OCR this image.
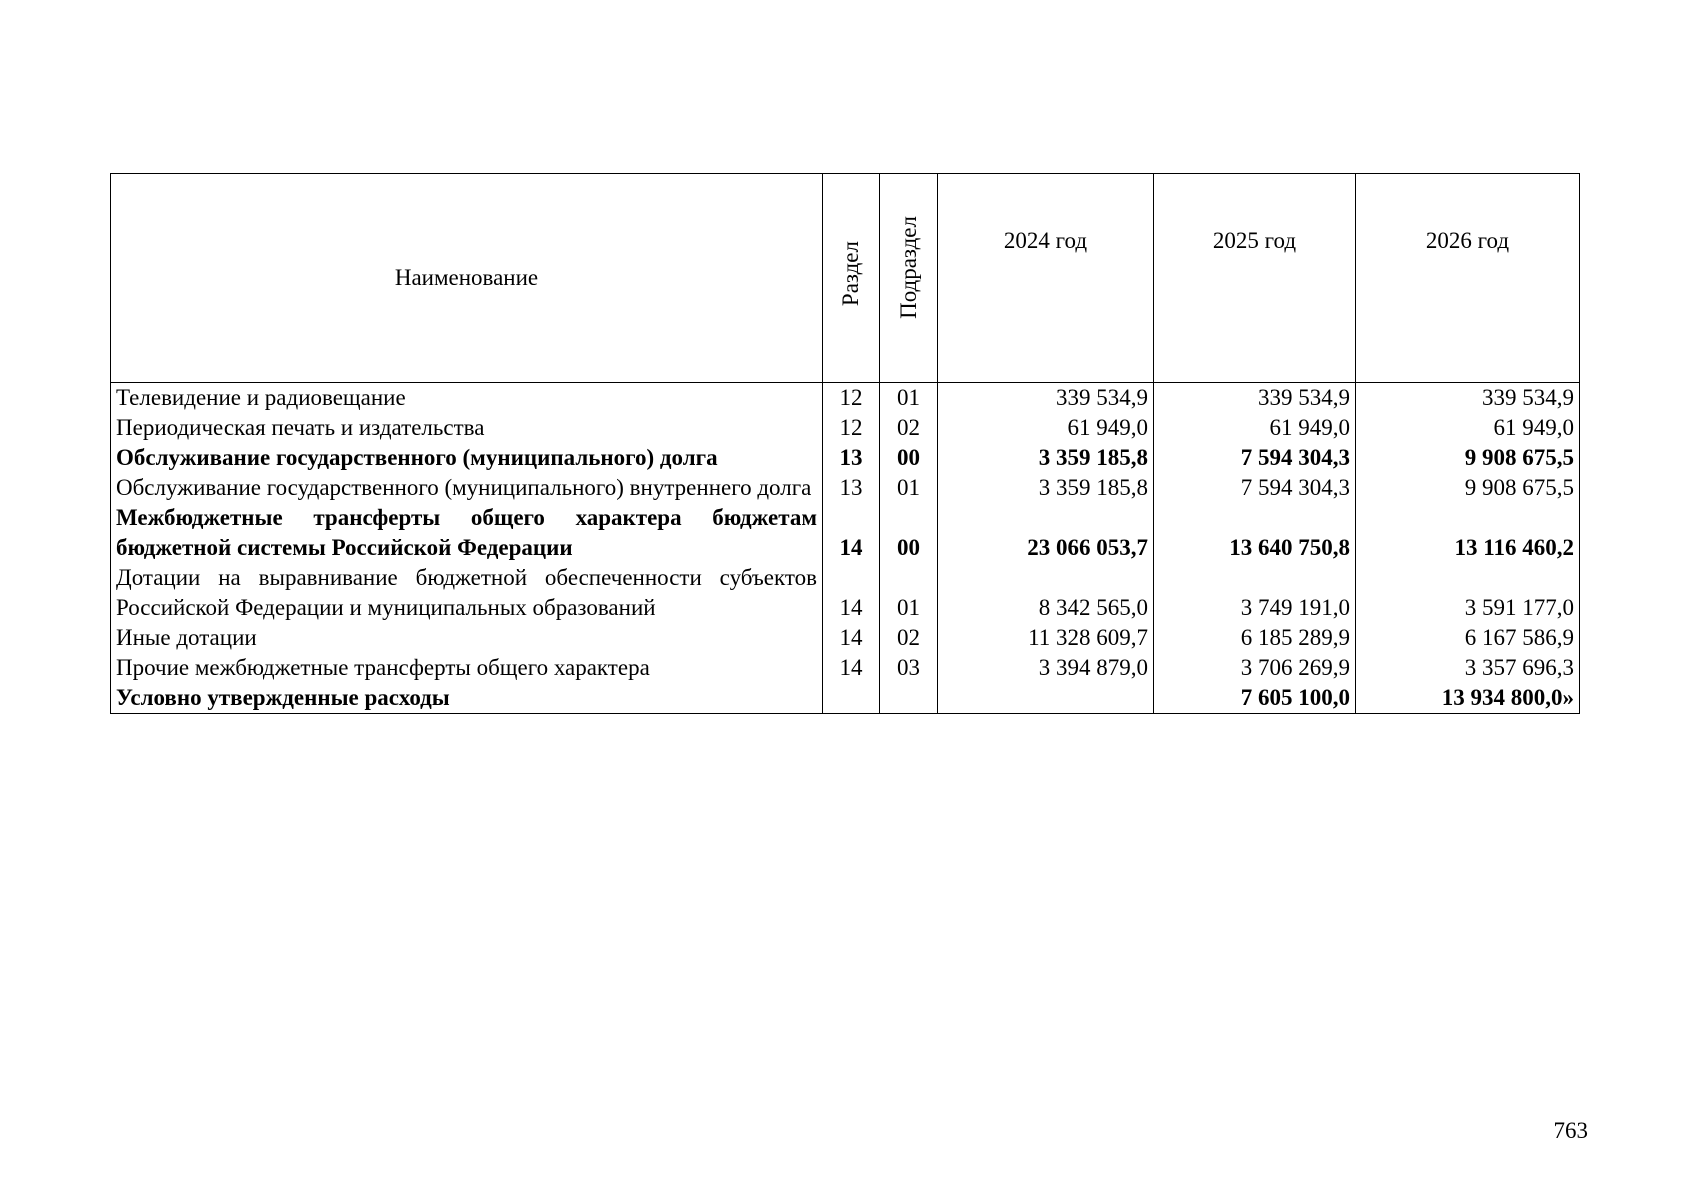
Наименование	Раздел	Подраздел	2024 год	2025 год	2026 год
Телевидение и радиовещание	12	01	339 534,9	339 534,9	339 534,9
Периодическая печать и издательства	12	02	61 949,0	61 949,0	61 949,0
Обслуживание государственного (муниципального) долга	13	00	3 359 185,8	7 594 304,3	9 908 675,5
Обслуживание государственного (муниципального) внутреннего долга	13	01	3 359 185,8	7 594 304,3	9 908 675,5
Межбюджетные трансферты общего характера бюджетам бюджетной системы Российской Федерации	14	00	23 066 053,7	13 640 750,8	13 116 460,2
Дотации на выравнивание бюджетной обеспеченности субъектов Российской Федерации и муниципальных образований	14	01	8 342 565,0	3 749 191,0	3 591 177,0
Иные дотации	14	02	11 328 609,7	6 185 289,9	6 167 586,9
Прочие межбюджетные трансферты общего характера	14	03	3 394 879,0	3 706 269,9	3 357 696,3
Условно утвержденные расходы				7 605 100,0	13 934 800,0»
763
